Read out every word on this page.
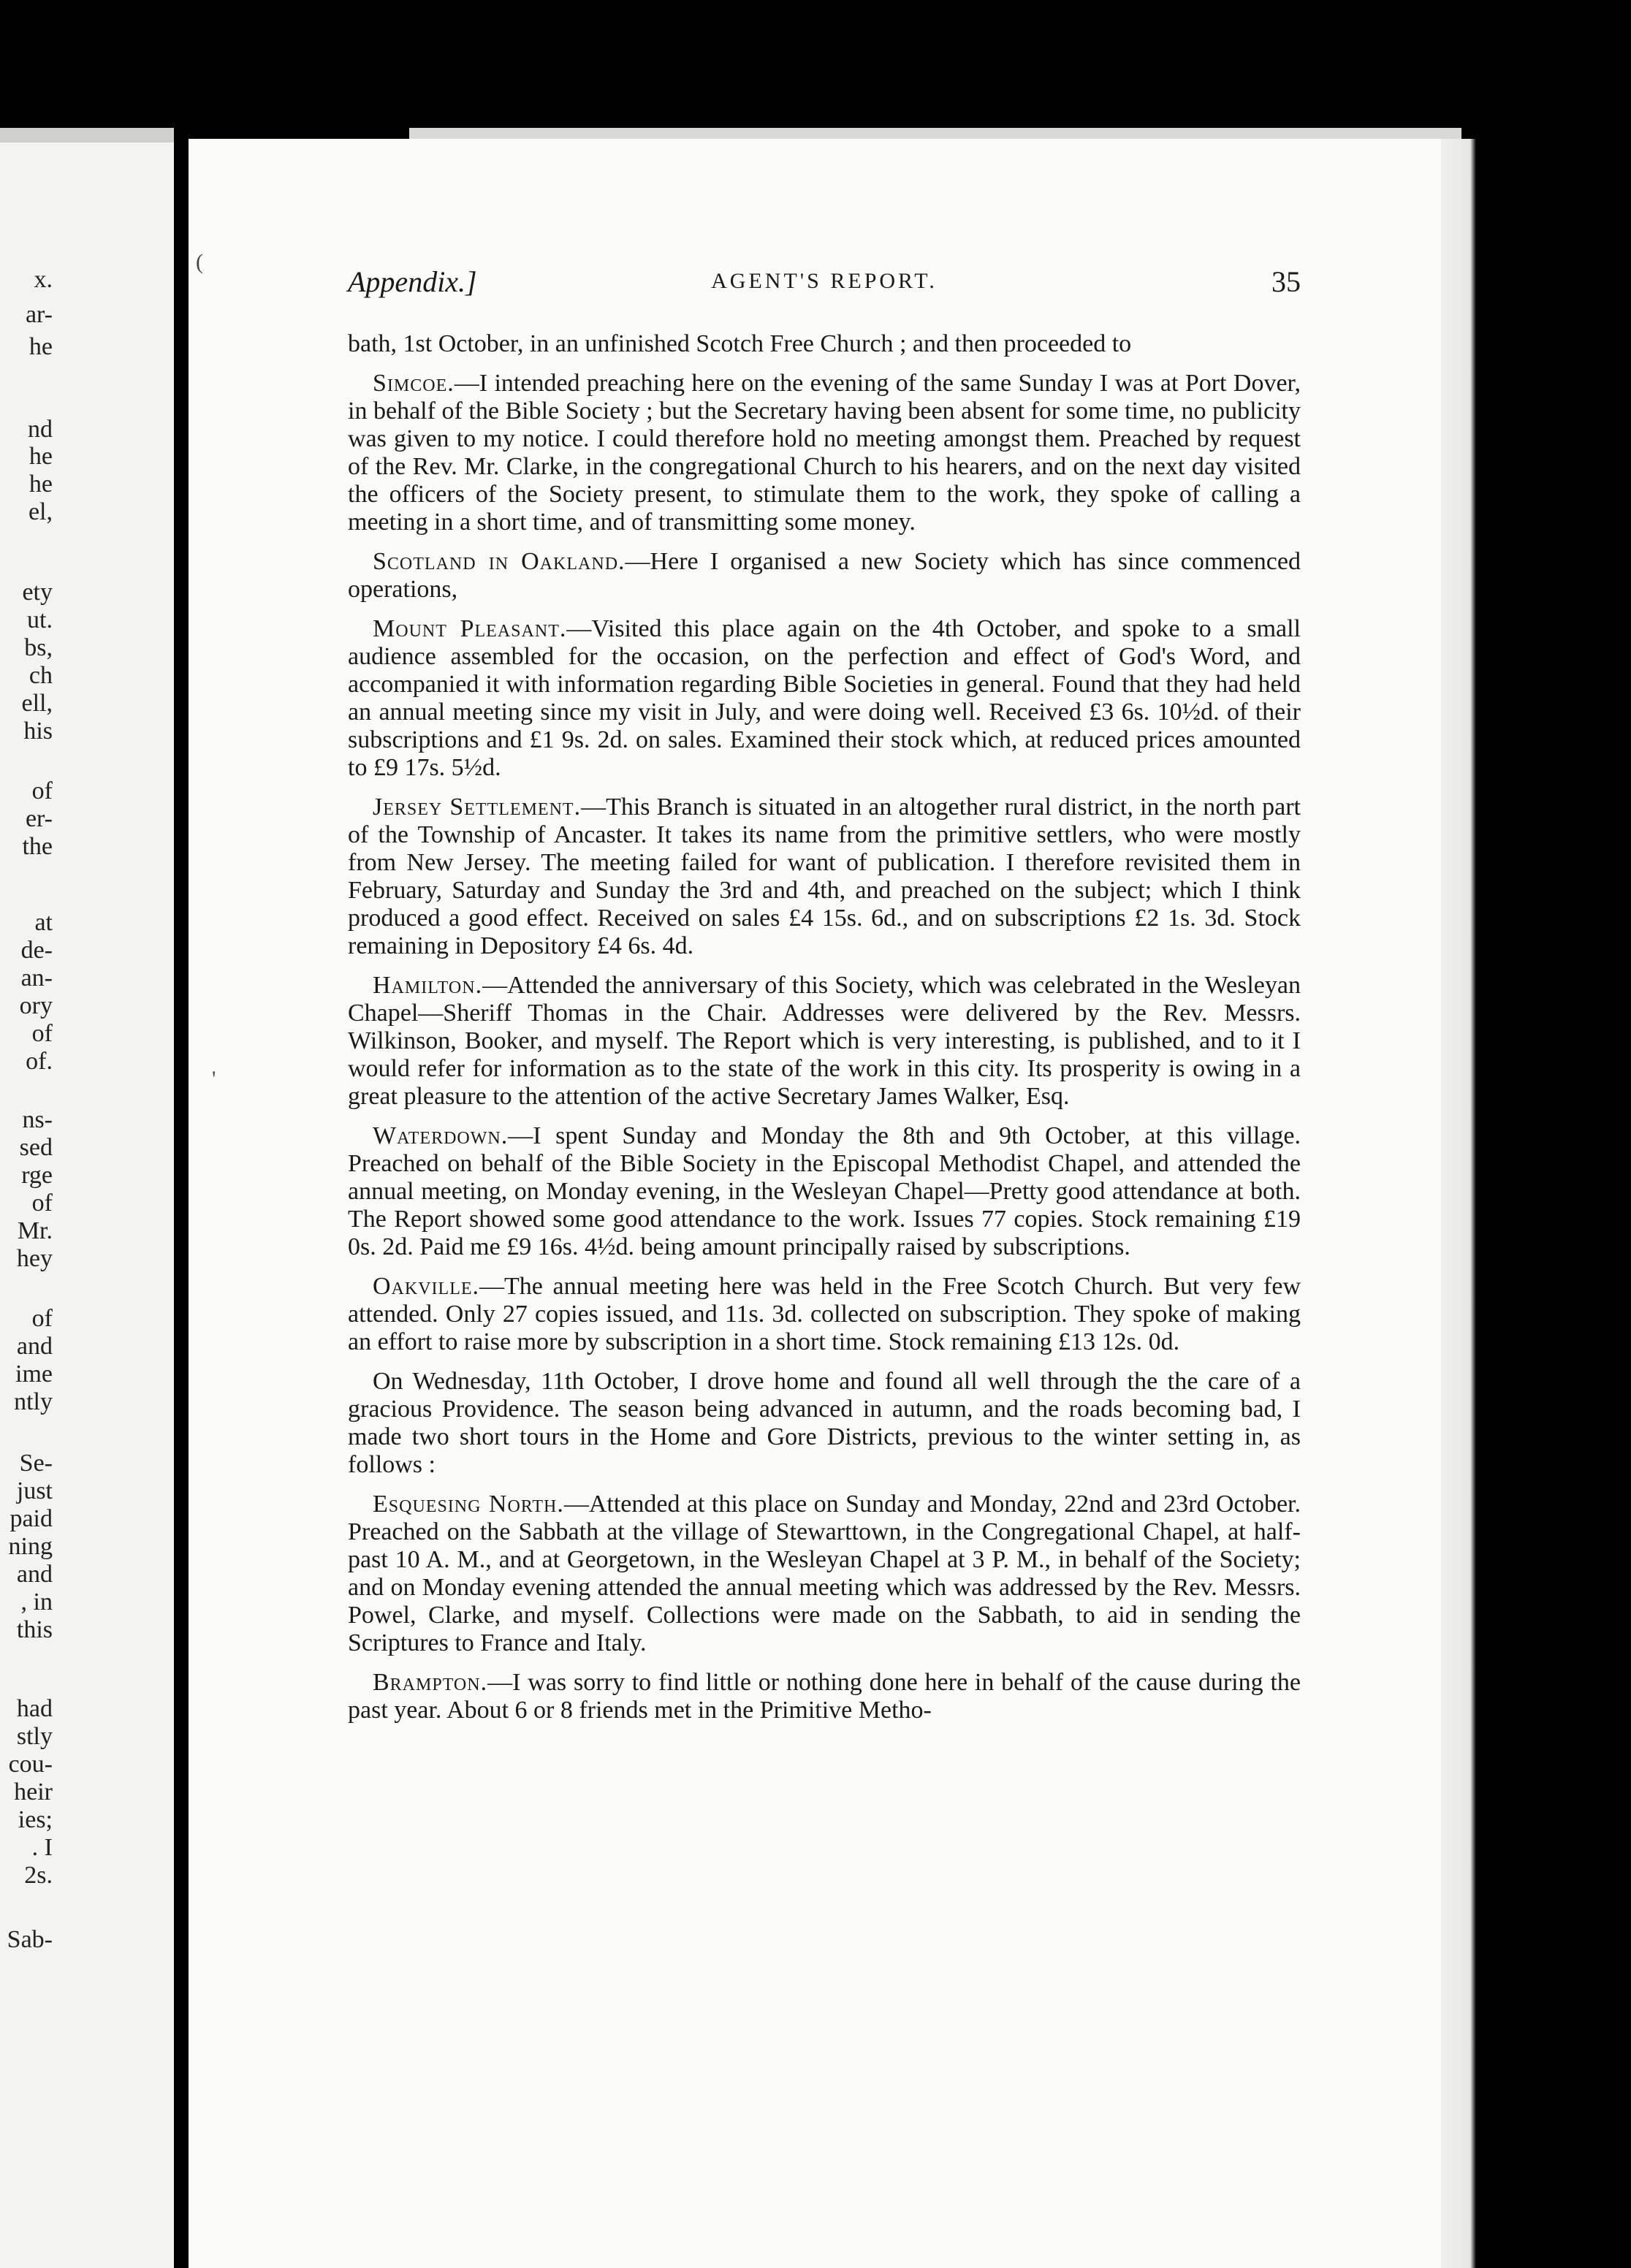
x.
ar-
he
nd
he
he
el,
ety
ut.
bs,
ch
ell,
his
of
er-
the
at
de-
an-
ory
of
of.
ns-
sed
rge
of
Mr.
hey
of
and
ime
ntly
Se-
just
paid
ning
and
, in
this
had
stly
cou-
heir
ies;
. I
2s.
Sab-
(
'
Appendix.]	AGENT'S REPORT.	35

bath, 1st October, in an unfinished Scotch Free Church ; and then proceeded to

Simcoe.—I intended preaching here on the evening of the same Sunday I was at Port Dover, in behalf of the Bible Society ; but the Secretary having been absent for some time, no publicity was given to my notice. I could therefore hold no meeting amongst them. Preached by request of the Rev. Mr. Clarke, in the congregational Church to his hearers, and on the next day visited the officers of the Society present, to stimulate them to the work, they spoke of calling a meeting in a short time, and of transmitting some money.

Scotland in Oakland.—Here I organised a new Society which has since commenced operations,

Mount Pleasant.—Visited this place again on the 4th October, and spoke to a small audience assembled for the occasion, on the perfection and effect of God's Word, and accompanied it with information regarding Bible Societies in general. Found that they had held an annual meeting since my visit in July, and were doing well. Received £3 6s. 10½d. of their subscriptions and £1 9s. 2d. on sales. Examined their stock which, at reduced prices amounted to £9 17s. 5½d.

Jersey Settlement.—This Branch is situated in an altogether rural district, in the north part of the Township of Ancaster. It takes its name from the primitive settlers, who were mostly from New Jersey. The meeting failed for want of publication. I therefore revisited them in February, Saturday and Sunday the 3rd and 4th, and preached on the subject; which I think produced a good effect. Received on sales £4 15s. 6d., and on subscriptions £2 1s. 3d. Stock remaining in Depository £4 6s. 4d.

Hamilton.—Attended the anniversary of this Society, which was celebrated in the Wesleyan Chapel—Sheriff Thomas in the Chair. Addresses were delivered by the Rev. Messrs. Wilkinson, Booker, and myself. The Report which is very interesting, is published, and to it I would refer for information as to the state of the work in this city. Its prosperity is owing in a great pleasure to the attention of the active Secretary James Walker, Esq.

Waterdown.—I spent Sunday and Monday the 8th and 9th October, at this village. Preached on behalf of the Bible Society in the Episcopal Methodist Chapel, and attended the annual meeting, on Monday evening, in the Wesleyan Chapel—Pretty good attendance at both. The Report showed some good attendance to the work. Issues 77 copies. Stock remaining £19 0s. 2d. Paid me £9 16s. 4½d. being amount principally raised by subscriptions.

Oakville.—The annual meeting here was held in the Free Scotch Church. But very few attended. Only 27 copies issued, and 11s. 3d. collected on subscription. They spoke of making an effort to raise more by subscription in a short time. Stock remaining £13 12s. 0d.

On Wednesday, 11th October, I drove home and found all well through the the care of a gracious Providence. The season being advanced in autumn, and the roads becoming bad, I made two short tours in the Home and Gore Districts, previous to the winter setting in, as follows :

Esquesing North.—Attended at this place on Sunday and Monday, 22nd and 23rd October. Preached on the Sabbath at the village of Stewarttown, in the Congregational Chapel, at half-past 10 A. M., and at Georgetown, in the Wesleyan Chapel at 3 P. M., in behalf of the Society; and on Monday evening attended the annual meeting which was addressed by the Rev. Messrs. Powel, Clarke, and myself. Collections were made on the Sabbath, to aid in sending the Scriptures to France and Italy.

Brampton.—I was sorry to find little or nothing done here in behalf of the cause during the past year. About 6 or 8 friends met in the Primitive Metho-
